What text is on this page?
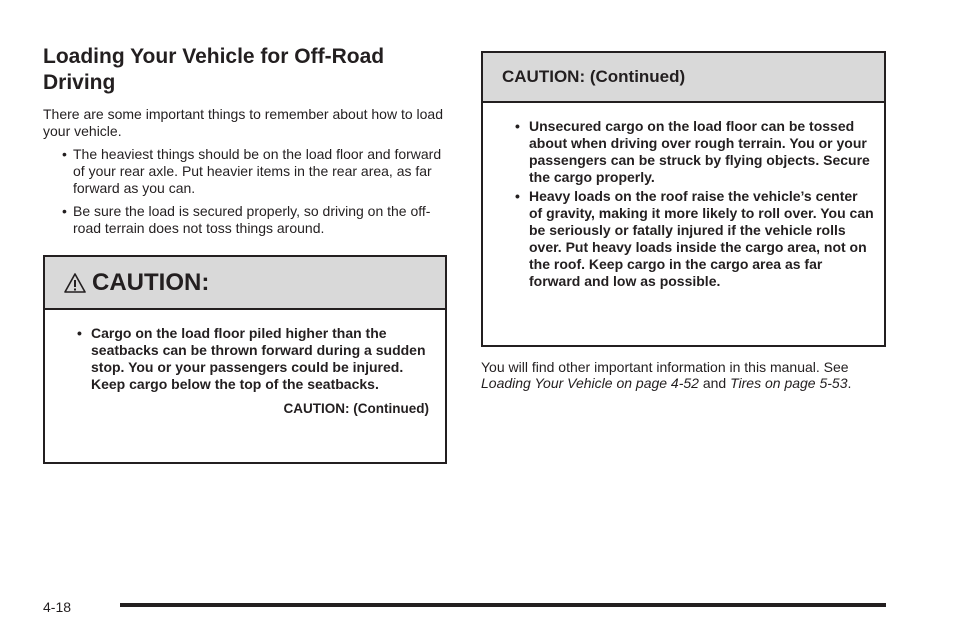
Loading Your Vehicle for Off-Road Driving

There are some important things to remember about how to load your vehicle.

• The heaviest things should be on the load floor and forward of your rear axle. Put heavier items in the rear area, as far forward as you can.
• Be sure the load is secured properly, so driving on the off-road terrain does not toss things around.
CAUTION:
• Cargo on the load floor piled higher than the seatbacks can be thrown forward during a sudden stop. You or your passengers could be injured. Keep cargo below the top of the seatbacks.
CAUTION: (Continued)
CAUTION: (Continued)
• Unsecured cargo on the load floor can be tossed about when driving over rough terrain. You or your passengers can be struck by flying objects. Secure the cargo properly.
• Heavy loads on the roof raise the vehicle’s center of gravity, making it more likely to roll over. You can be seriously or fatally injured if the vehicle rolls over. Put heavy loads inside the cargo area, not on the roof. Keep cargo in the cargo area as far forward and low as possible.

You will find other important information in this manual. See Loading Your Vehicle on page 4-52 and Tires on page 5-53.

4-18
